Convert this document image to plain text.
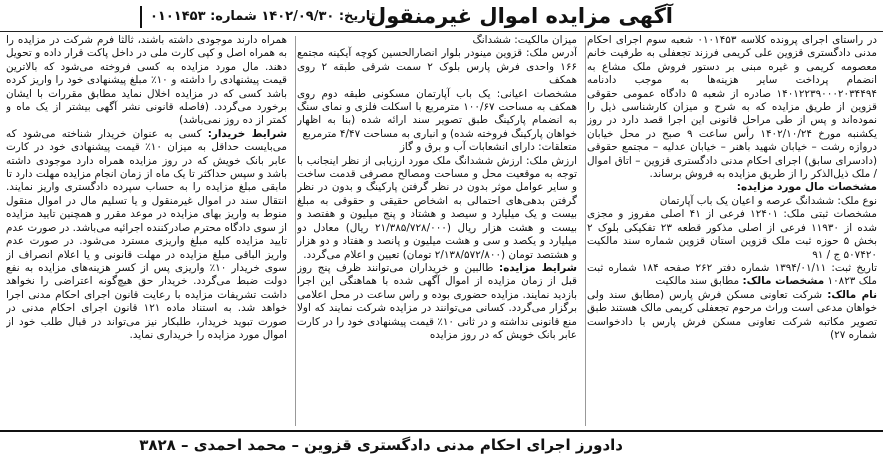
آگهی مزایده اموال غیرمنقول
تاریخ: ۱۴۰۲/۰۹/۳۰ شماره: ۰۱۰۱۴۵۳

در راستای اجرای پرونده کلاسه ۰۱۰۱۴۵۳ شعبه سوم اجرای احکام مدنی دادگستری قزوین علی کریمی فرزند تجعفلی به طرفیت خانم معصومه کریمی و غیره مبنی بر دستور فروش ملک مشاع به انضمام پرداخت سایر هزینه‌ها به موجب دادنامه ۱۴۰۱۲۲۳۹۰۰۰۲۰۳۴۴۹۴ صادره از شعبه ۵ دادگاه عمومی حقوقی قزوین از طریق مزایده که به شرح و میزان کارشناسی ذیل را نموده‌اند و پس از طی مراحل قانونی این اجرا قصد دارد در روز یکشنبه مورخ ۱۴۰۲/۱۰/۲۴ رأس ساعت ۹ صبح در محل خیابان دروازه رشت – خیابان شهید باهنر – خیابان عدلیه – مجتمع حقوقی (دادسرای سابق) اجرای احکام مدنی دادگستری قزوین – اتاق اموال / ملک ذیل‌الذکر را از طریق مزایده به فروش برساند.

مشخصات مال مورد مزایده:

نوع ملک: ششدانگ عرصه و اعیان یک باب آپارتمان

مشخصات ثبتی ملک: ۱۲۴۰۱ فرعی از ۴۱ اصلی مفروز و مجزی شده از ۱۱۹۳۰ فرعی از اصلی مذکور قطعه ۲۳ تفکیکی بلوک ۲ بخش ۵ حوزه ثبت ملک قزوین استان قزوین شماره سند مالکیت ۵۰۷۴۲۰ ج / ۹۱

تاریخ ثبت: ۱۳۹۴/۰۱/۱۱ شماره دفتر ۲۶۲ صفحه ۱۸۴ شماره ثبت ملک ۱۰۸۲۳ مشخصات مالک: مطابق سند مالکیت

نام مالک: شرکت تعاونی مسکن فرش پارس (مطابق سند ولی خواهان مدعی است وراث مرحوم تجعفلی کریمی مالک هستند طبق تصویر مکاتبه شرکت تعاونی مسکن فرش پارس با دادخواست شماره ۲۷)

میزان مالکیت: ششدانگ

آدرس ملک: قزوین مینودر بلوار انصارالحسین کوچه آیکینه مجتمع ۱۶۶ واحدی فرش پارس بلوک ۲ سمت شرقی طبقه ۲ روی همکف

مشخصات اعیانی: یک باب آپارتمان مسکونی طبقه دوم روی همکف به مساحت ۱۰۰/۶۷ مترمربع با اسکلت فلزی و نمای سنگ به انضمام پارکینگ طبق تصویر سند ارائه شده (بنا به اظهار خواهان پارکینگ فروخته شده) و انباری به مساحت ۴/۴۷ مترمربع

متعلقات: دارای انشعابات آب و برق و گاز

ارزش ملک: ارزش ششدانگ ملک مورد ارزیابی از نظر اینجانب با توجه به موقعیت محل و مساحت ومصالح مصرفی قدمت ساخت و سایر عوامل موثر بدون در نظر گرفتن پارکینگ و بدون در نظر گرفتن بدهی‌های احتمالی به اشخاص حقیقی و حقوقی به مبلغ بیست و یک میلیارد و سیصد و هشتاد و پنج میلیون و هفتصد و بیست و هشت هزار ریال (۲۱/۳۸۵/۷۲۸/۰۰۰ ریال) معادل دو میلیارد و یکصد و سی و هشت میلیون و پانصد و هفتاد و دو هزار و هشتصد تومان (۲/۱۳۸/۵۷۲/۸۰۰ تومان) تعیین و اعلام می‌گردد.

شرایط مزایده: طالبین و خریداران می‌توانند ظرف پنج روز قبل از زمان مزایده از اموال آگهی شده با هماهنگی این اجرا بازدید نمایند. مزایده حضوری بوده و راس ساعت در محل اعلامی برگزار می‌گردد. کسانی می‌توانند در مزایده شرکت نمایند که اولا منع قانونی نداشته و در ثانی ۱۰٪ قیمت پیشنهادی خود را در کارت عابر بانک خویش که در روز مزایده

همراه دارند موجودی داشته باشند، ثالثا فرم شرکت در مزایده را به همراه اصل و کپی کارت ملی در داخل پاکت قرار داده و تحویل دهند. مال مورد مزایده به کسی فروخته می‌شود که بالاترین قیمت پیشنهادی را داشته و ۱۰٪ مبلغ پیشنهادی خود را واریز کرده باشد کسی که در مزایده اخلال نماید مطابق مقررات با ایشان برخورد می‌گردد. (فاصله قانونی نشر آگهی بیشتر از یک ماه و کمتر از ده روز نمی‌باشد)

شرایط خریدار: کسی به عنوان خریدار شناخته می‌شود که می‌بایست حداقل به میزان ۱۰٪ قیمت پیشنهادی خود در کارت عابر بانک خویش که در روز مزایده همراه دارد موجودی داشته باشد و سپس حداکثر تا یک ماه از زمان انجام مزایده مهلت دارد تا مابقی مبلغ مزایده را به حساب سپرده دادگستری واریز نمایند. انتقال سند در اموال غیرمنقول و یا تسلیم مال در اموال منقول منوط به واریز بهای مزایده در موعد مقرر و همچنین تایید مزایده از سوی دادگاه محترم صادرکننده اجرائیه می‌باشد. در صورت عدم تایید مزایده کلیه مبلغ واریزی مسترد می‌شود. در صورت عدم واریز الباقی مبلغ مزایده در مهلت قانونی و یا اعلام انصراف از سوی خریدار ۱۰٪ واریزی پس از کسر هزینه‌های مزایده به نفع دولت ضبط می‌گردد. خریدار حق هیچ‌گونه اعتراضی را نخواهد داشت تشریفات مزایده با رعایت قانون اجرای احکام مدنی اجرا خواهد شد. به استناد ماده ۱۲۱ قانون اجرای احکام مدنی در صورت تبوید خریدار، طلبکار نیز می‌تواند در قبال طلب خود از اموال مورد مزایده را خریداری نماید.

دادورز اجرای احکام مدنی دادگستری قزوین – محمد احمدی – ۳۸۲۸
